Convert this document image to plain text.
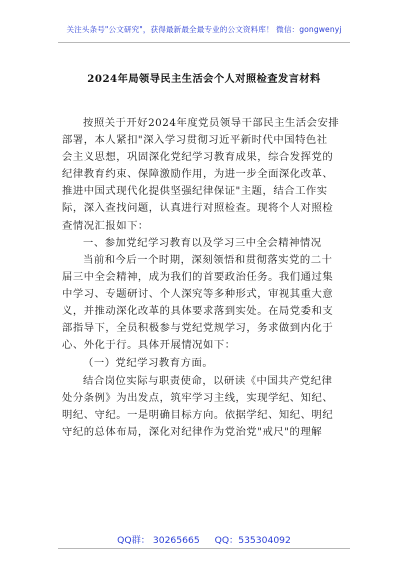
关注头条号"公文研究"，获得最新最全最专业的公文资料库！ 微信：gongwenyj
2024年局领导民主生活会个人对照检查发言材料
按照关于开好2024年度党员领导干部民主生活会安排
部署，本人紧扣"深入学习贯彻习近平新时代中国特色社
会主义思想，巩固深化党纪学习教育成果，综合发挥党的
纪律教育约束、保障激励作用，为进一步全面深化改革、
推进中国式现代化提供坚强纪律保证"主题，结合工作实
际，深入查找问题，认真进行对照检查。现将个人对照检
查情况汇报如下：
一、参加党纪学习教育以及学习三中全会精神情况
当前和今后一个时期，深刻领悟和贯彻落实党的二十
届三中全会精神，成为我们的首要政治任务。我们通过集
中学习、专题研讨、个人深究等多种形式，审视其重大意
义，并推动深化改革的具体要求落到实处。在局党委和支
部指导下，全员积极参与党纪党规学习，务求做到内化于
心、外化于行。具体开展情况如下：
（一）党纪学习教育方面。
结合岗位实际与职责使命，以研读《中国共产党纪律
处分条例》为出发点，筑牢学习主线，实现学纪、知纪、
明纪、守纪。一是明确目标方向。依据学纪、知纪、明纪
守纪的总体布局，深化对纪律作为党治党"戒尺"的理解
QQ群： 30265665 QQ：535304092
